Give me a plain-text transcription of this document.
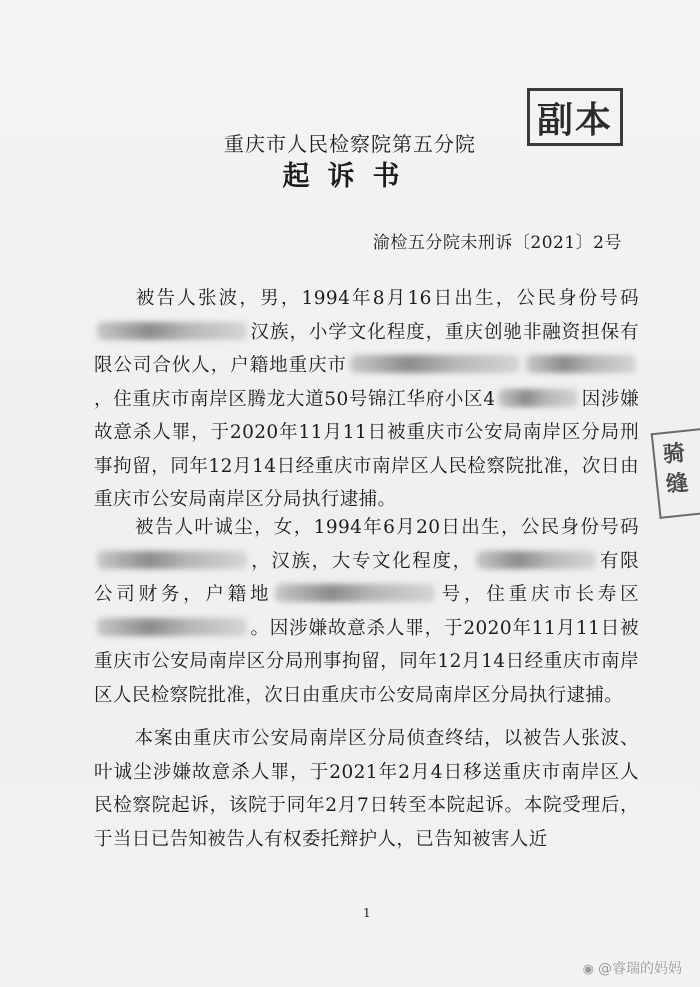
副本
骑
缝
重庆市人民检察院第五分院
起诉书
渝检五分院未刑诉〔2021〕2号

被告人张波，男，1994年8月16日出生，公民身份号码汉族，小学文化程度，重庆创驰非融资担保有限公司合伙人，户籍地重庆市，住重庆市南岸区腾龙大道50号锦江华府小区4	因涉嫌故意杀人罪，于2020年11月11日被重庆市公安局南岸区分局刑事拘留，同年12月14日经重庆市南岸区人民检察院批准，次日由重庆市公安局南岸区分局执行逮捕。

被告人叶诚尘，女，1994年6月20日出生，公民身份号码，汉族，大专文化程度，	有限公司财务，户籍地	号，住重庆市长寿区。因涉嫌故意杀人罪，于2020年11月11日被重庆市公安局南岸区分局刑事拘留，同年12月14日经重庆市南岸区人民检察院批准，次日由重庆市公安局南岸区分局执行逮捕。

本案由重庆市公安局南岸区分局侦查终结，以被告人张波、叶诚尘涉嫌故意杀人罪，于2021年2月4日移送重庆市南岸区人民检察院起诉，该院于同年2月7日转至本院起诉。本院受理后，于当日已告知被告人有权委托辩护人，已告知被害人近

1
◉ @睿瑞的妈妈
